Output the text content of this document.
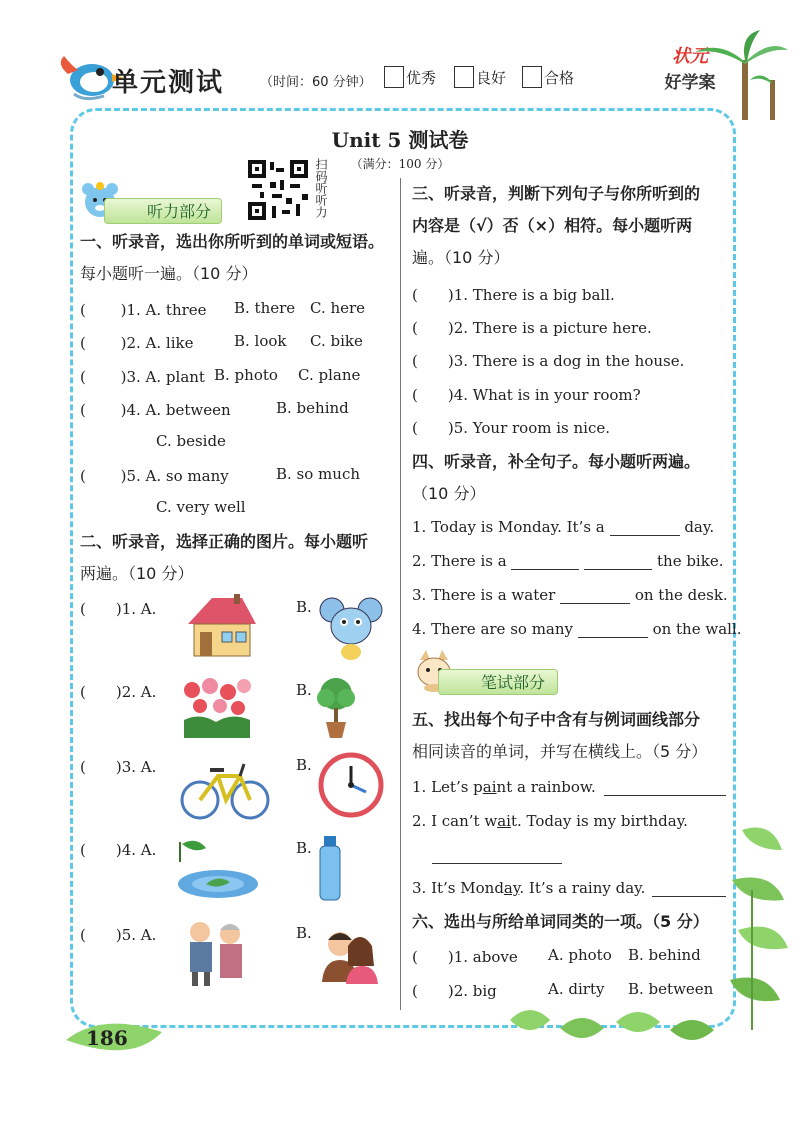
单元测试	（时间：60 分钟） 优秀	良好	合格
状元
好学案
Unit 5 测试卷
（满分：100 分）
扫码听听力
听力部分
一、听录音，选出你所听到的单词或短语。
每小题听一遍。（10 分）
( 　　)1. A. three B. there C. here
( 　　)2. A. like	B. look C. bike
( 　　)3. A. plant B. photo C. plane
( 　　)4. A. between	B. behind
C. beside
( 　　)5. A. so many	B. so much
C. very well
二、听录音，选择正确的图片。每小题听
两遍。（10 分）
(　　)1. A.	B.
(　　)2. A.	B.
(　　)3. A.	B.
(　　)4. A.	B.
(　　)5. A.	B.
三、听录音，判断下列句子与你所听到的
内容是（√）否（×）相符。每小题听两
遍。（10 分）
(　　)1. There is a big ball.
(　　)2. There is a picture here.
(　　)3. There is a dog in the house.
(　　)4. What is in your room?
(　　)5. Your room is nice.
四、听录音，补全句子。每小题听两遍。
（10 分）
1. Today is Monday. It’s a	day.
2. There is a	the bike.
3. There is a water	on the desk.
4. There are so many	on the wall.
笔试部分
五、找出每个句子中含有与例词画线部分
相同读音的单词，并写在横线上。（5 分）
1. Let’s paint a rainbow.
2. I can’t wait. Today is my birthday.
3. It’s Monday. It’s a rainy day.
六、选出与所给单词同类的一项。（5 分）
(　　)1. above A. photo B. behind
(　　)2. big	A. dirty B. between
186
